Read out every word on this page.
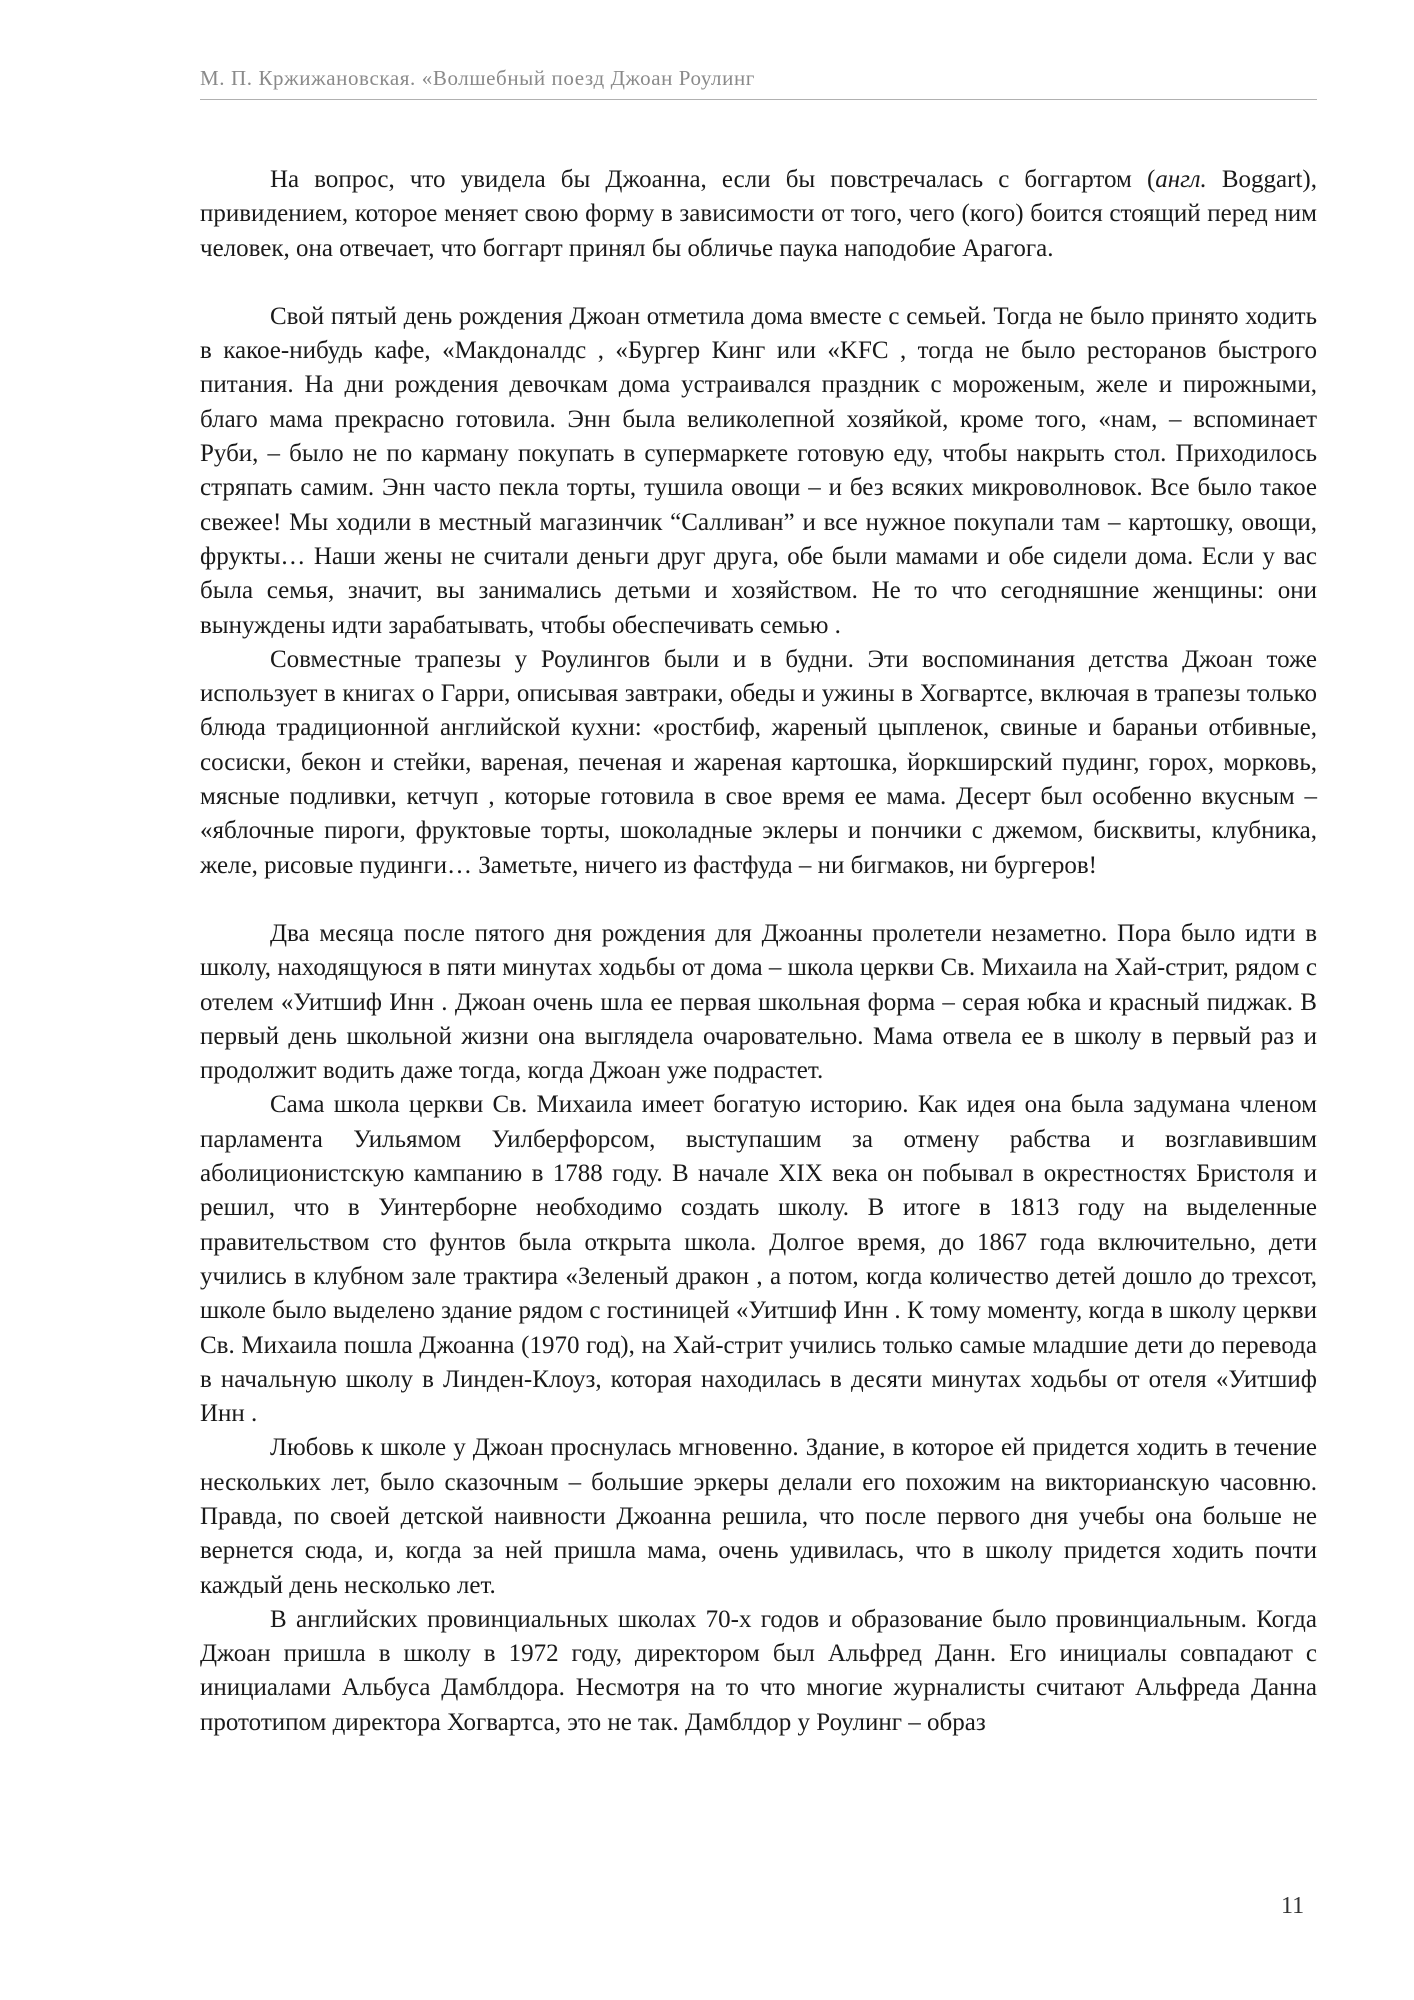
М. П. Кржижановская. «Волшебный поезд Джоан Роулинг

На вопрос, что увидела бы Джоанна, если бы повстречалась с боггартом (англ. Boggart), привидением, которое меняет свою форму в зависимости от того, чего (кого) боится стоящий перед ним человек, она отвечает, что боггарт принял бы обличье паука наподобие Арагога.

Свой пятый день рождения Джоан отметила дома вместе с семьей. Тогда не было принято ходить в какое-нибудь кафе, «Макдоналдс , «Бургер Кинг или «KFC , тогда не было ресторанов быстрого питания. На дни рождения девочкам дома устраивался праздник с мороженым, желе и пирожными, благо мама прекрасно готовила. Энн была великолепной хозяйкой, кроме того, «нам, – вспоминает Руби, – было не по карману покупать в супермаркете готовую еду, чтобы накрыть стол. Приходилось стряпать самим. Энн часто пекла торты, тушила овощи – и без всяких микроволновок. Все было такое свежее! Мы ходили в местный магазинчик “Салливан” и все нужное покупали там – картошку, овощи, фрукты… Наши жены не считали деньги друг друга, обе были мамами и обе сидели дома. Если у вас была семья, значит, вы занимались детьми и хозяйством. Не то что сегодняшние женщины: они вынуждены идти зарабатывать, чтобы обеспечивать семью .

Совместные трапезы у Роулингов были и в будни. Эти воспоминания детства Джоан тоже использует в книгах о Гарри, описывая завтраки, обеды и ужины в Хогвартсе, включая в трапезы только блюда традиционной английской кухни: «ростбиф, жареный цыпленок, свиные и бараньи отбивные, сосиски, бекон и стейки, вареная, печеная и жареная картошка, йоркширский пудинг, горох, морковь, мясные подливки, кетчуп , которые готовила в свое время ее мама. Десерт был особенно вкусным – «яблочные пироги, фруктовые торты, шоколадные эклеры и пончики с джемом, бисквиты, клубника, желе, рисовые пудинги… Заметьте, ничего из фастфуда – ни бигмаков, ни бургеров!

Два месяца после пятого дня рождения для Джоанны пролетели незаметно. Пора было идти в школу, находящуюся в пяти минутах ходьбы от дома – школа церкви Св. Михаила на Хай-стрит, рядом с отелем «Уитшиф Инн . Джоан очень шла ее первая школьная форма – серая юбка и красный пиджак. В первый день школьной жизни она выглядела очаровательно. Мама отвела ее в школу в первый раз и продолжит водить даже тогда, когда Джоан уже подрастет.

Сама школа церкви Св. Михаила имеет богатую историю. Как идея она была задумана членом парламента Уильямом Уилберфорсом, выступашим за отмену рабства и возглавившим аболиционистскую кампанию в 1788 году. В начале XIX века он побывал в окрестностях Бристоля и решил, что в Уинтерборне необходимо создать школу. В итоге в 1813 году на выделенные правительством сто фунтов была открыта школа. Долгое время, до 1867 года включительно, дети учились в клубном зале трактира «Зеленый дракон , а потом, когда количество детей дошло до трехсот, школе было выделено здание рядом с гостиницей «Уитшиф Инн . К тому моменту, когда в школу церкви Св. Михаила пошла Джоанна (1970 год), на Хай-стрит учились только самые младшие дети до перевода в начальную школу в Линден-Клоуз, которая находилась в десяти минутах ходьбы от отеля «Уитшиф Инн .

Любовь к школе у Джоан проснулась мгновенно. Здание, в которое ей придется ходить в течение нескольких лет, было сказочным – большие эркеры делали его похожим на викторианскую часовню. Правда, по своей детской наивности Джоанна решила, что после первого дня учебы она больше не вернется сюда, и, когда за ней пришла мама, очень удивилась, что в школу придется ходить почти каждый день несколько лет.

В английских провинциальных школах 70-х годов и образование было провинциальным. Когда Джоан пришла в школу в 1972 году, директором был Альфред Данн. Его инициалы совпадают с инициалами Альбуса Дамблдора. Несмотря на то что многие журналисты считают Альфреда Данна прототипом директора Хогвартса, это не так. Дамблдор у Роулинг – образ

11
